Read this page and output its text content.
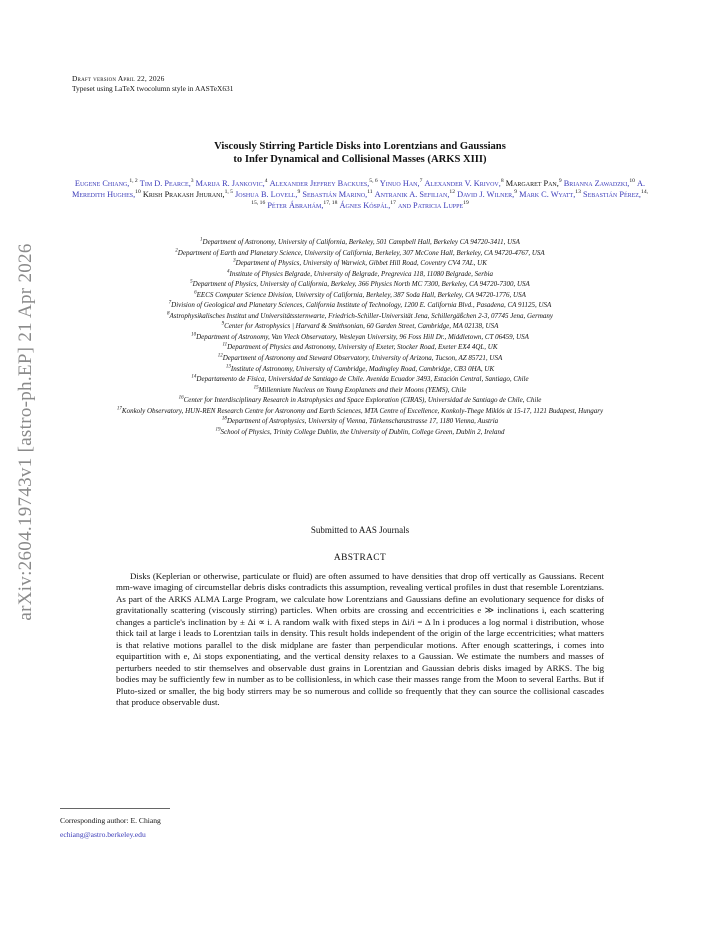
arXiv:2604.19743v1 [astro-ph.EP] 21 Apr 2026
Draft version April 22, 2026
Typeset using LaTeX twocolumn style in AASTeX631
Viscously Stirring Particle Disks into Lorentzians and Gaussians
to Infer Dynamical and Collisional Masses (ARKS XIII)
Eugene Chiang,$^{1, 2}$ Tim D. Pearce,$^3$ Marija R. Jankovic,$^4$ Alexander Jeffrey Backues,$^{5, 6}$ Yinuo Han,$^7$ Alexander V. Krivov,$^8$ Margaret Pan,$^9$ Brianna Zawadzki,$^{10}$ A. Meredith Hughes,$^{10}$ Krish Prakash Jhurani,$^{1, 5}$ Joshua B. Lovell,$^9$ Sebastián Marino,$^{11}$ Antranik A. Sefilian,$^{12}$ David J. Wilner,$^9$ Mark C. Wyatt,$^{13}$ Sebastián Pérez,$^{14, 15, 16}$ Péter Ábrahám,$^{17, 18}$ Ágnes Kóspál,$^{17}$ and Patricia Luppe$^{19}$
$^1$Department of Astronomy, University of California, Berkeley, 501 Campbell Hall, Berkeley CA 94720-3411, USA
$^2$Department of Earth and Planetary Science, University of California, Berkeley, 307 McCone Hall, Berkeley, CA 94720-4767, USA
$^3$Department of Physics, University of Warwick, Gibbet Hill Road, Coventry CV4 7AL, UK
$^4$Institute of Physics Belgrade, University of Belgrade, Pregrevica 118, 11080 Belgrade, Serbia
$^5$Department of Physics, University of California, Berkeley, 366 Physics North MC 7300, Berkeley, CA 94720-7300, USA
$^6$EECS Computer Science Division, University of California, Berkeley, 387 Soda Hall, Berkeley, CA 94720-1776, USA
$^7$Division of Geological and Planetary Sciences, California Institute of Technology, 1200 E. California Blvd., Pasadena, CA 91125, USA
$^8$Astrophysikalisches Institut und Universitätssternwarte, Friedrich-Schiller-Universität Jena, Schillergäßchen 2-3, 07745 Jena, Germany
$^9$Center for Astrophysics | Harvard & Smithsonian, 60 Garden Street, Cambridge, MA 02138, USA
$^{10}$Department of Astronomy, Van Vleck Observatory, Wesleyan University, 96 Foss Hill Dr., Middletown, CT 06459, USA
$^{11}$Department of Physics and Astronomy, University of Exeter, Stocker Road, Exeter EX4 4QL, UK
$^{12}$Department of Astronomy and Steward Observatory, University of Arizona, Tucson, AZ 85721, USA
$^{13}$Institute of Astronomy, University of Cambridge, Madingley Road, Cambridge, CB3 0HA, UK
$^{14}$Departamento de Física, Universidad de Santiago de Chile. Avenida Ecuador 3493, Estación Central, Santiago, Chile
$^{15}$Millennium Nucleus on Young Exoplanets and their Moons (YEMS), Chile
$^{16}$Center for Interdisciplinary Research in Astrophysics and Space Exploration (CIRAS), Universidad de Santiago de Chile, Chile
$^{17}$Konkoly Observatory, HUN-REN Research Centre for Astronomy and Earth Sciences, MTA Centre of Excellence, Konkoly-Thege Miklós út 15-17, 1121 Budapest, Hungary
$^{18}$Department of Astrophysics, University of Vienna, Türkenschanzstrasse 17, 1180 Vienna, Austria
$^{19}$School of Physics, Trinity College Dublin, the University of Dublin, College Green, Dublin 2, Ireland
Submitted to AAS Journals
ABSTRACT

Disks (Keplerian or otherwise, particulate or fluid) are often assumed to have densities that drop off vertically as Gaussians. Recent mm-wave imaging of circumstellar debris disks contradicts this assumption, revealing vertical profiles in dust that resemble Lorentzians. As part of the ARKS ALMA Large Program, we calculate how Lorentzians and Gaussians define an evolutionary sequence for disks of gravitationally scattering (viscously stirring) particles. When orbits are crossing and eccentricities e ≫ inclinations i, each scattering changes a particle's inclination by ± Δi ∝ i. A random walk with fixed steps in Δi/i = Δ ln i produces a log normal i distribution, whose thick tail at large i leads to Lorentzian tails in density. This result holds independent of the origin of the large eccentricities; what matters is that relative motions parallel to the disk midplane are faster than perpendicular motions. After enough scatterings, i comes into equipartition with e, Δi stops exponentiating, and the vertical density relaxes to a Gaussian. We estimate the numbers and masses of perturbers needed to stir themselves and observable dust grains in Lorentzian and Gaussian debris disks imaged by ARKS. The big bodies may be sufficiently few in number as to be collisionless, in which case their masses range from the Moon to several Earths. But if Pluto-sized or smaller, the big body stirrers may be so numerous and collide so frequently that they can source the collisional cascades that produce observable dust.

Corresponding author: E. Chiang
echiang@astro.berkeley.edu
